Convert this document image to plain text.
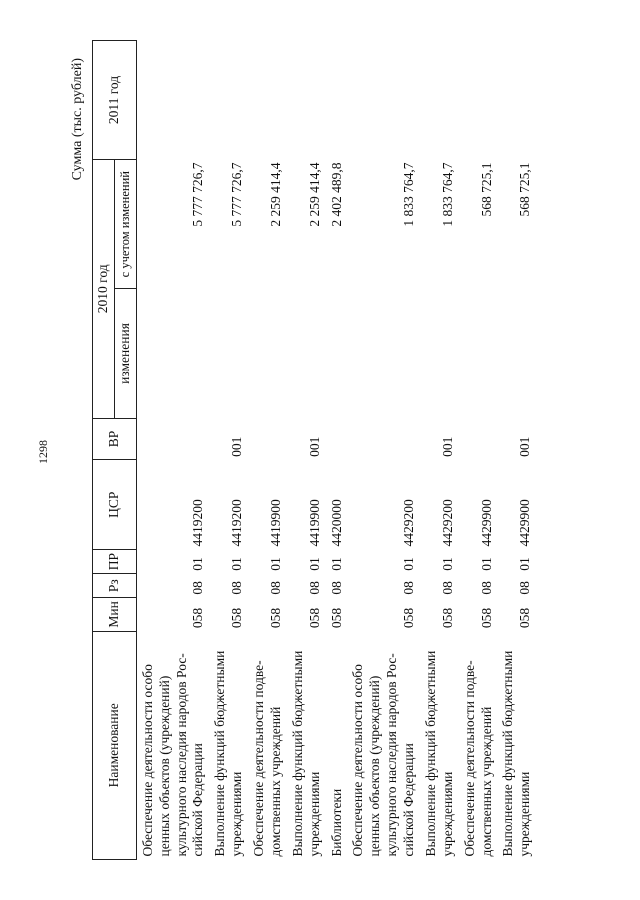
1298
Сумма (тыс. рублей)
Наименование	Мин	Рз	ПР	ЦСР	ВР	2010 год		2011 год
						изменения	с учетом изменений	
Обеспечение деятельности особо ценных объектов (учреждений) культурного наследия народов Рос-сийской Федерации	058	08	01	4419200			5 777 726,7	
Выполнение функций бюджетными учреждениями	058	08	01	4419200	001		5 777 726,7	
Обеспечение деятельности подве-домственных учреждений	058	08	01	4419900			2 259 414,4	
Выполнение функций бюджетными учреждениями	058	08	01	4419900	001		2 259 414,4	
Библиотеки	058	08	01	4420000			2 402 489,8	
Обеспечение деятельности особо ценных объектов (учреждений) культурного наследия народов Рос-сийской Федерации	058	08	01	4429200			1 833 764,7	
Выполнение функций бюджетными учреждениями	058	08	01	4429200	001		1 833 764,7	
Обеспечение деятельности подве-домственных учреждений	058	08	01	4429900			568 725,1	
Выполнение функций бюджетными учреждениями	058	08	01	4429900	001		568 725,1	
